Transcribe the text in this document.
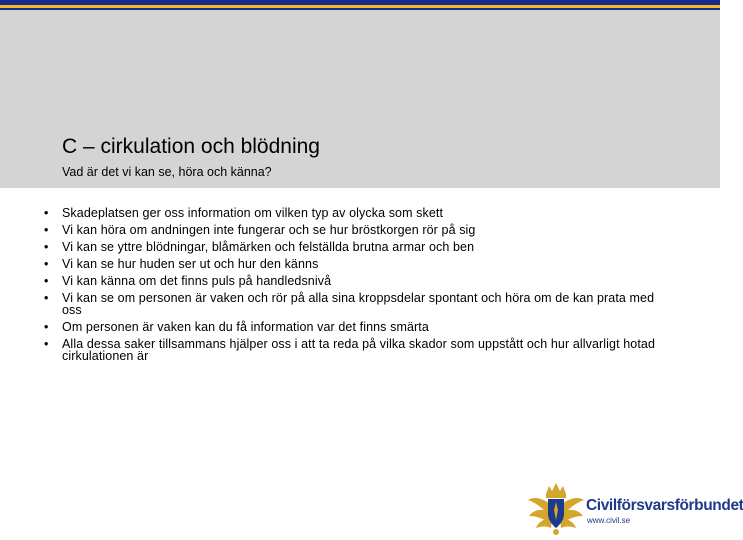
C – cirkulation och blödning
Vad är det vi kan se, höra och känna?
•	Skadeplatsen ger oss information om vilken typ av olycka som skett
•	Vi kan höra om andningen inte fungerar och se hur bröstkorgen rör på sig
•	Vi kan se yttre blödningar, blåmärken och felställda brutna armar och ben
•	Vi kan se hur huden ser ut och hur den känns
•	Vi kan känna om det finns puls på handledsnivå
•	Vi kan se om personen är vaken och rör på alla sina kroppsdelar spontant och höra om de kan prata med oss
•	Om personen är vaken kan du få information var det finns smärta
•	Alla dessa saker tillsammans hjälper oss i att ta reda på vilka skador som uppstått och hur allvarligt hotad cirkulationen är
Civilförsvarsförbundet
www.civil.se
